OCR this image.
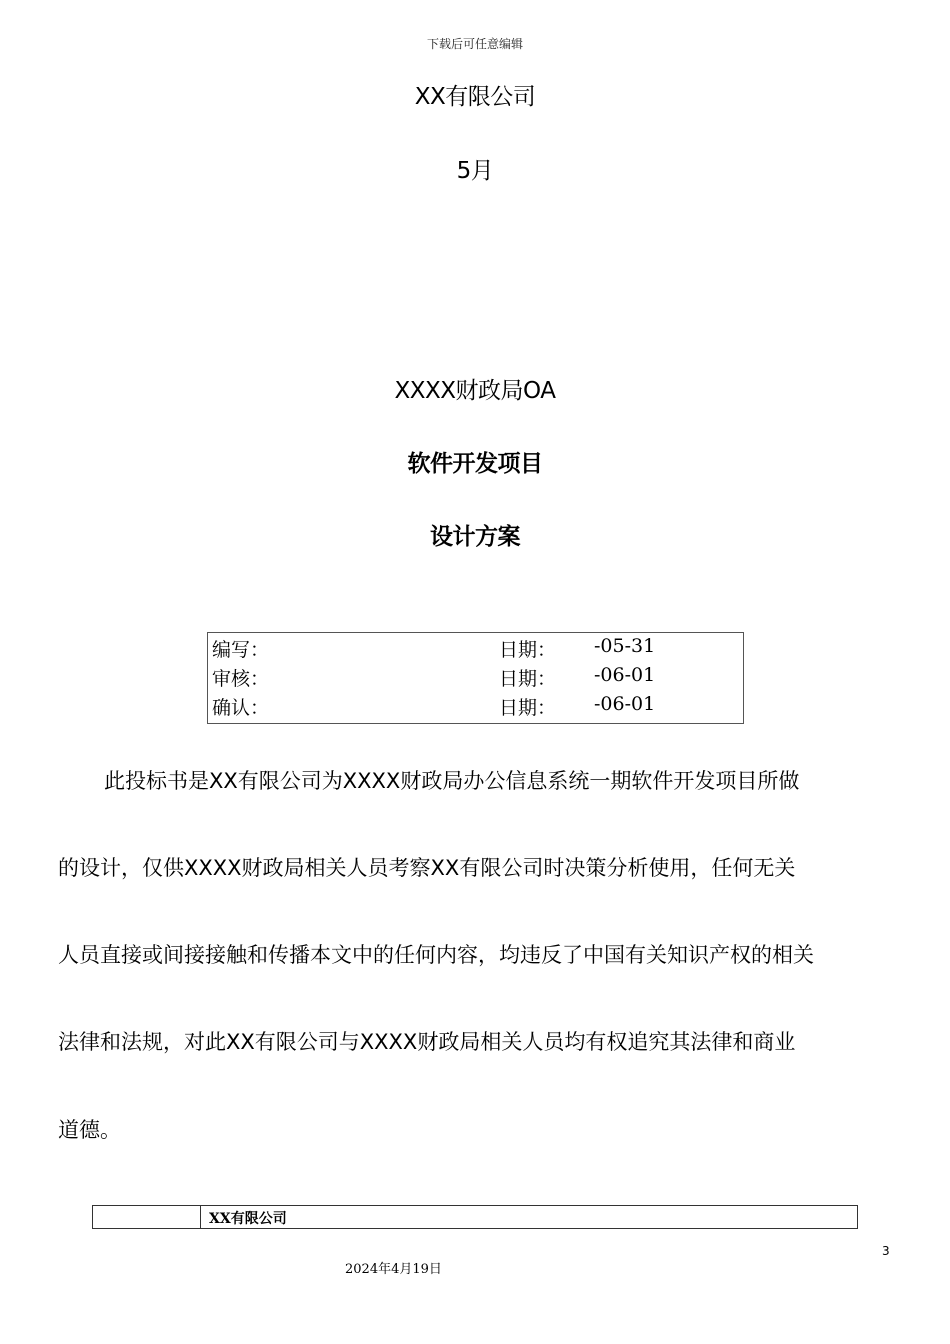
下载后可任意编辑
XX有限公司
5月
XXXX财政局OA
软件开发项目
设计方案
编写：	日期： -05-31
审核：	日期： -06-01
确认：	日期： -06-01
此投标书是XX有限公司为XXXX财政局办公信息系统一期软件开发项目所做
的设计，仅供XXXX财政局相关人员考察XX有限公司时决策分析使用，任何无关
人员直接或间接接触和传播本文中的任何内容，均违反了中国有关知识产权的相关
法律和法规，对此XX有限公司与XXXX财政局相关人员均有权追究其法律和商业
道德。
XX有限公司
3
2024年4月19日
